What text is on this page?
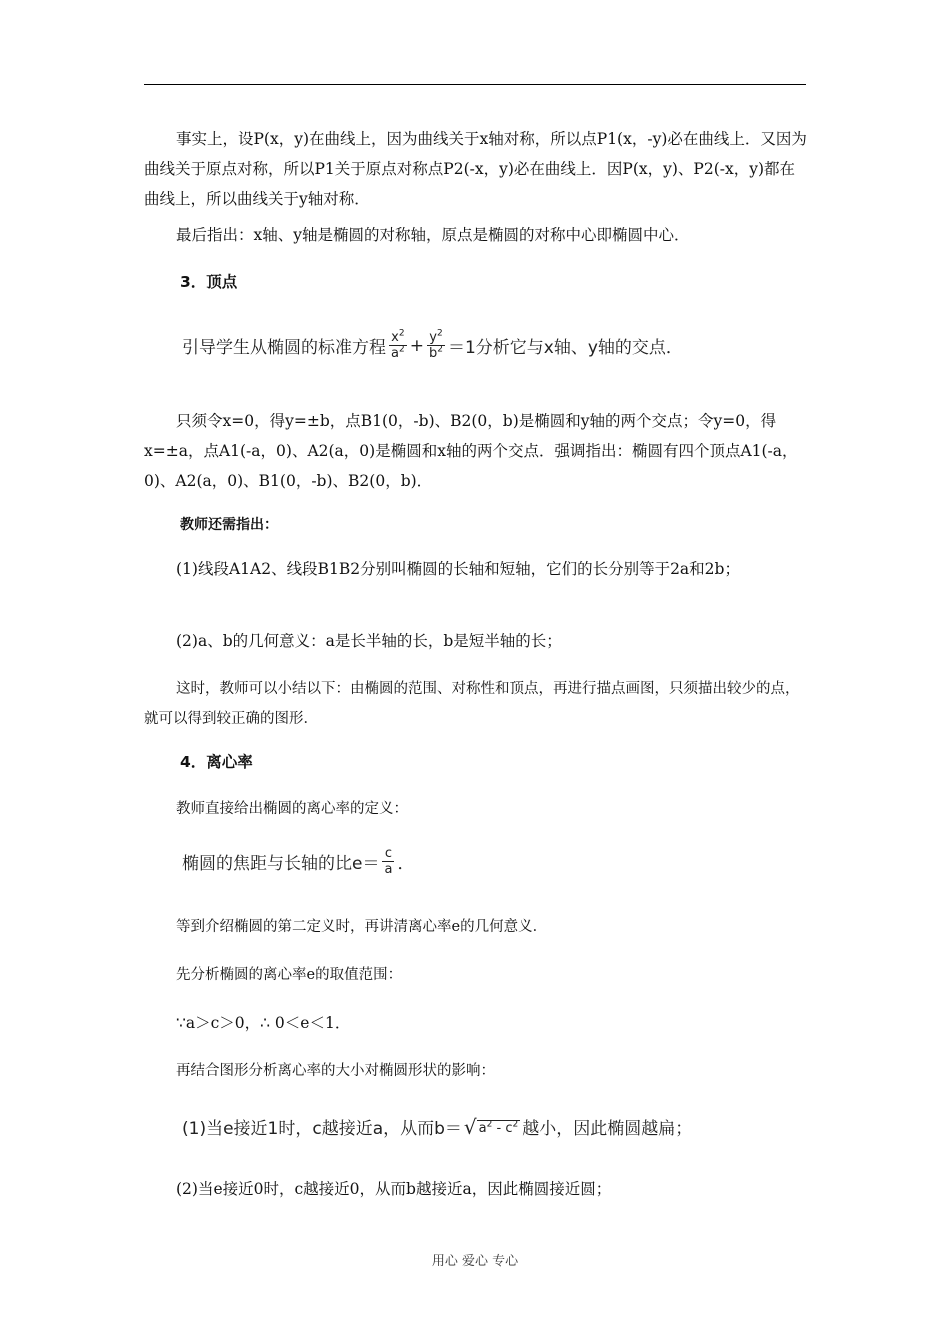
事实上，设P(x，y)在曲线上，因为曲线关于x轴对称，所以点P1(x，-y)必在曲线上．又因为曲线关于原点对称，所以P1关于原点对称点P2(-x，y)必在曲线上．因P(x，y)、P2(-x，y)都在曲线上，所以曲线关于y轴对称．

最后指出：x轴、y轴是椭圆的对称轴，原点是椭圆的对称中心即椭圆中心．

3．顶点
引导学生从椭圆的标准方程 $\frac{x^2}{a^2} + \frac{y^2}{b^2} =1$ 分析它与x轴、y轴的交点．

只须令x=0，得y=±b，点B1(0，-b)、B2(0，b)是椭圆和y轴的两个交点；令y=0，得x=±a，点A1(-a，0)、A2(a，0)是椭圆和x轴的两个交点．强调指出：椭圆有四个顶点A1(-a，0)、A2(a，0)、B1(0，-b)、B2(0，b)．

教师还需指出：

(1)线段A1A2、线段B1B2分别叫椭圆的长轴和短轴，它们的长分别等于2a和2b；

(2)a、b的几何意义：a是长半轴的长，b是短半轴的长；

这时，教师可以小结以下：由椭圆的范围、对称性和顶点，再进行描点画图，只须描出较少的点，就可以得到较正确的图形．

4．离心率

教师直接给出椭圆的离心率的定义：

椭圆的焦距与长轴的比$e= \frac{c}{a}$ ．

等到介绍椭圆的第二定义时，再讲清离心率e的几何意义．

先分析椭圆的离心率e的取值范围：

∵a＞c＞0，∴ 0＜e＜1．

再结合图形分析离心率的大小对椭圆形状的影响：

(1)当e接近1时，c越接近a，从而b＝ √ $a^2 - c^2$ 越小，因此椭圆越扁；

(2)当e接近0时，c越接近0，从而b越接近a，因此椭圆接近圆；

用心 爱心 专心
